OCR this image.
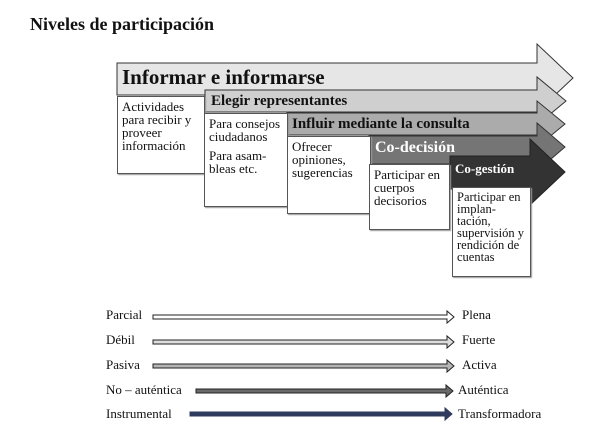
Niveles de participación
Informar e informarse
Elegir representantes
Influir mediante la consulta
Co-decisión
Co-gestión

Actividades para recibir y proveer información

Para consejos ciudadanos

Para asam-bleas etc.

Ofrecer opiniones, sugerencias	Participar en cuerpos decisorios	Participar en implan-tación, supervisión y rendición de cuentas

Parcial	Plena
Débil	Fuerte
Pasiva	Activa
No – auténtica	Auténtica
Instrumental	Transformadora
